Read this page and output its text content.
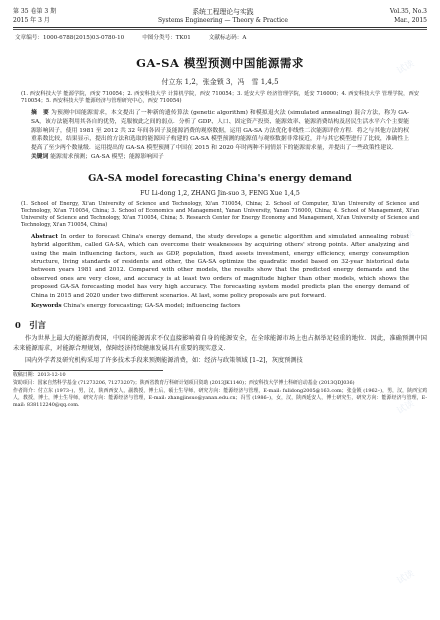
第 35 卷第 3 期
2015 年 3 月
系统工程理论与实践
Systems Engineering — Theory & Practice
Vol.35, No.3
Mar., 2015
文章编号：1000-6788(2015)03-0780-10	中图分类号：TK01	文献标志码：A
GA-SA 模型预测中国能源需求
付立东 1,2，张金锁 3，冯　雪 1,4,5
(1. 西安科技大学 能源学院，西安 710054；2. 西安科技大学 计算机学院，西安 710054；3. 延安大学 经济管理学院，延安 716000；4. 西安科技大学 管理学院，西安 710054；5. 西安科技大学 能源经济与管理研究中心，西安 710054)
摘　要 为预测中国能源需求，本文提出了一种新的遗传算法 (genetic algorithm) 和模拟退火法 (simulated annealing) 混合方法，称为 GA-SA，该方法能利用其各自的优势，克服彼此之间的弱点．分析了 GDP、人口、固定资产投资、能源效率、能源消费结构及居民生活水平六个主要能源影响因子，使用 1981 至 2012 共 32 年间各因子及能源消费的观察数据，运用 GA-SA 方法优化非线性二次能源评价方程．将之与其他方法的权重系数比较，结果显示，提出的方法和选取的能源因子构建的 GA-SA 模型预测的能源值与观察数据非常接近，并与其它模型进行了比较，准确性上提高了至少两个数量级．运用提出的 GA-SA 模型预测了中国在 2015 和 2020 年时两种不同情景下的能源需求量，并提出了一些政策性建议．
关键词 能源需求预测；GA-SA 模型；能源影响因子
GA-SA model forecasting China's energy demand
FU Li-dong 1,2, ZHANG Jin-suo 3, FENG Xue 1,4,5
(1. School of Energy, Xi'an University of Science and Technology, Xi'an 710054, China; 2. School of Computer, Xi'an University of Science and Technology, Xi'an 710054, China; 3. School of Economics and Management, Yanan University, Yanan 716000, China; 4. School of Management, Xi'an University of Science and Technology, Xi'an 710054, China; 5. Research Center for Energy Economy and Management, Xi'an University of Science and Technology, Xi'an 710054, China)
Abstract In order to forecast China's energy demand, the study develops a genetic algorithm and simulated annealing robust hybrid algorithm, called GA-SA, which can overcome their weaknesses by acquiring others' strong points. After analyzing and using the main influencing factors, such as GDP, population, fixed assets investment, energy efficiency, energy consumption structure, living standards of residents and other, the GA-SA optimize the quadratic model based on 32-year historical data between years 1981 and 2012. Compared with other models, the results show that the predicted energy demands and the observed ones are very close, and accuracy is at least two orders of magnitude higher than other models, which shows the proposed GA-SA forecasting model has very high accuracy. The forecasting system model predicts plan the energy demand of China in 2015 and 2020 under two different scenarios. At last, some policy proposals are put forward.
Keywords China's energy forecasting; GA-SA model; influencing factors
0　引言
作为世界上最大的能源消费国，中国的能源需求不仅直接影响着自身的能源安全，在全球能源市场上也占据举足轻重的地位．因此，准确预测中国未来能源需求，对能源合理规划，保障经济持续健康发展具有重要的现实意义．
国内外学者及研究机构采用了许多技术手段来预测能源消费，如：经济与政策领域 [1–2]，灰度预测技
收稿日期：2013-12-10
资助项目：国家自然科学基金 (71273206, 71273207)；陕西省教育厅科研计划项目资助 (2013JK1140)；西安科技大学博士科研启动基金 (2013QDJ036)
作者简介：付立东 (1973–)，男，汉，陕西西安人，副教授，博士后，硕士生导师，研究方向：能源经济与管理，E-mail: fulidong2005@163.com；张金锁 (1962–)，男，汉，陕西宝鸡人，教授，博士，博士生导师，研究方向：能源经济与管理，E-mail: zhangjinsuo@yanan.edu.cn；冯雪 (1986–)，女，汉，陕西延安人，博士研究生，研究方向：能源经济与管理，E-mail: 838112240@qq.com.
试读
试读
试读
试读
